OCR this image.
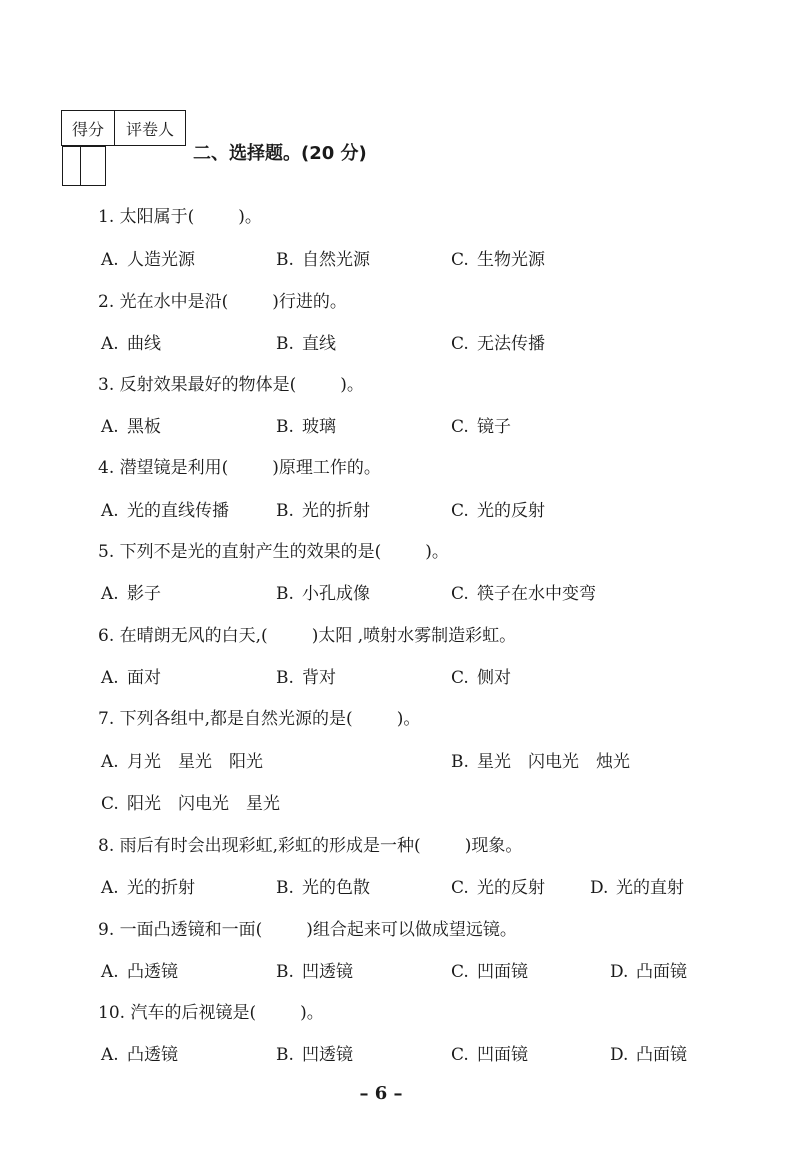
得分	评卷人

二、选择题。(20 分)
1. 太阳属于(	)。
A. 人造光源	B. 自然光源	C. 生物光源
2. 光在水中是沿(	)行进的。
A. 曲线	B. 直线	C. 无法传播
3. 反射效果最好的物体是(	)。
A. 黑板	B. 玻璃	C. 镜子
4. 潜望镜是利用(	)原理工作的。
A. 光的直线传播	B. 光的折射	C. 光的反射
5. 下列不是光的直射产生的效果的是(	)。
A. 影子	B. 小孔成像	C. 筷子在水中变弯
6. 在晴朗无风的白天,(	)太阳 ,喷射水雾制造彩虹。
A. 面对	B. 背对	C. 侧对
7. 下列各组中,都是自然光源的是(	)。
A. 月光　星光　阳光	B. 星光　闪电光　烛光
C. 阳光　闪电光　星光
8. 雨后有时会出现彩虹,彩虹的形成是一种(	)现象。
A. 光的折射	B. 光的色散	C. 光的反射	D. 光的直射
9. 一面凸透镜和一面(	)组合起来可以做成望远镜。
A. 凸透镜	B. 凹透镜	C. 凹面镜	D. 凸面镜
10. 汽车的后视镜是(	)。
A. 凸透镜	B. 凹透镜	C. 凹面镜	D. 凸面镜
– 6 –
